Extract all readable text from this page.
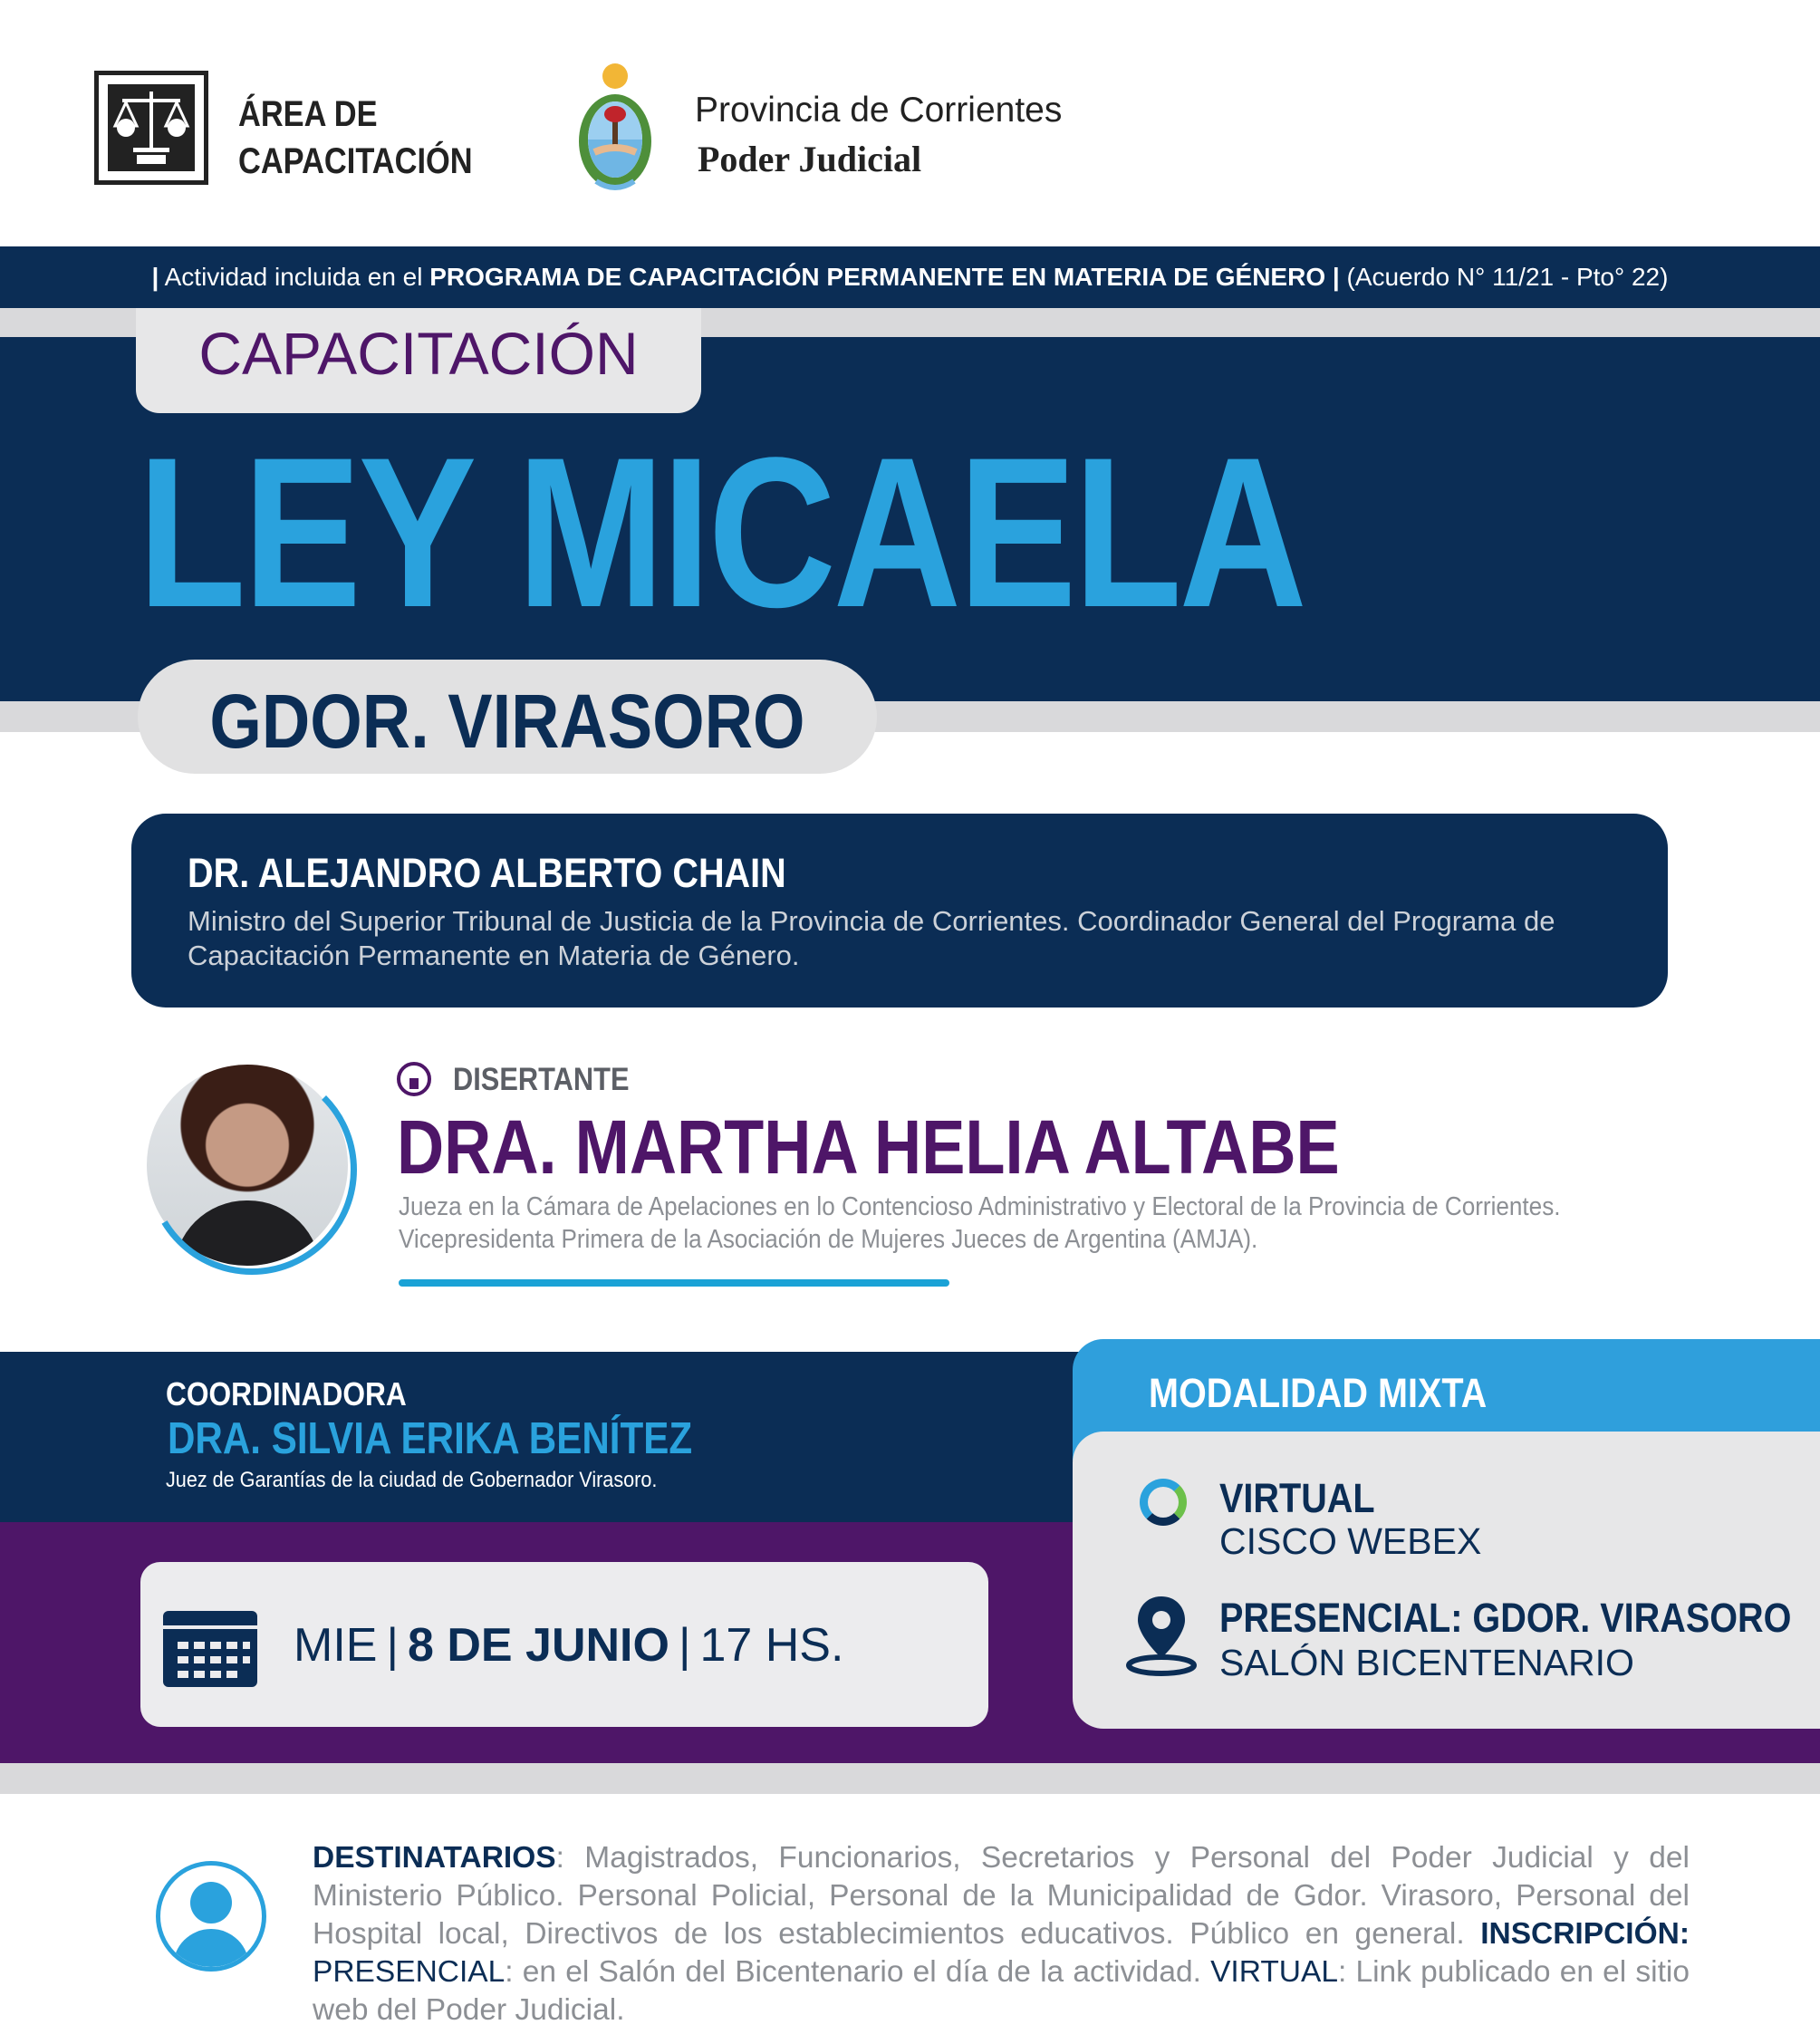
ÁREA DE
CAPACITACIÓN
Provincia de Corrientes
Poder Judicial
| Actividad incluida en el PROGRAMA DE CAPACITACIÓN PERMANENTE EN MATERIA DE GÉNERO | (Acuerdo N° 11/21 - Pto° 22)
CAPACITACIÓN
LEY MICAELA
GDOR. VIRASORO
DR. ALEJANDRO ALBERTO CHAIN
Ministro del Superior Tribunal de Justicia de la Provincia de Corrientes. Coordinador General del Programa de Capacitación Permanente en Materia de Género.
DISERTANTE
DRA. MARTHA HELIA ALTABE
Jueza en la Cámara de Apelaciones en lo Contencioso Administrativo y Electoral de la Provincia de Corrientes.
Vicepresidenta Primera de la Asociación de Mujeres Jueces de Argentina (AMJA).
COORDINADORA
DRA. SILVIA ERIKA BENÍTEZ
Juez de Garantías de la ciudad de Gobernador Virasoro.
MIE | 8 DE JUNIO | 17 HS.
MODALIDAD MIXTA
VIRTUAL
CISCO WEBEX
PRESENCIAL: GDOR. VIRASORO
SALÓN BICENTENARIO
DESTINATARIOS: Magistrados, Funcionarios, Secretarios y Personal del Poder Judicial y del Ministerio Público. Personal Policial, Personal de la Municipalidad de Gdor. Virasoro, Personal del Hospital local, Directivos de los establecimientos educativos. Público en general. INSCRIPCIÓN: PRESENCIAL: en el Salón del Bicentenario el día de la actividad. VIRTUAL: Link publicado en el sitio web del Poder Judicial.
